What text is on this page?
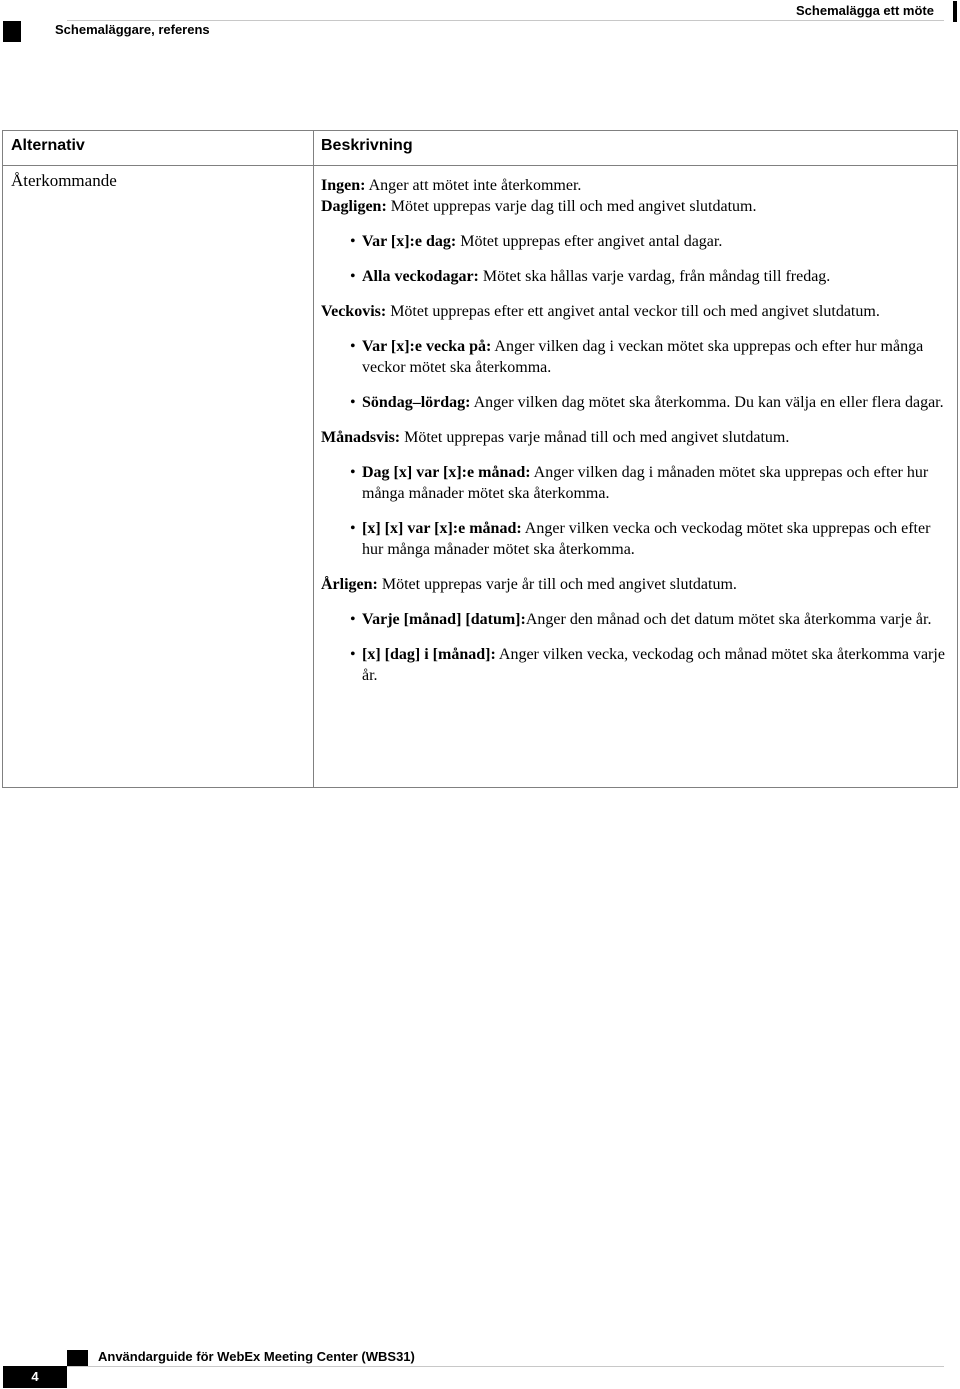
Schemaläggare, referens
Schemalägga ett möte
Alternativ	Beskrivning
Återkommande	Ingen: Anger att mötet inte återkommer.

Dagligen: Mötet upprepas varje dag till och med angivet slutdatum.

• Var [x]:e dag: Mötet upprepas efter angivet antal dagar.

• Alla veckodagar: Mötet ska hållas varje vardag, från måndag till fredag.

Veckovis: Mötet upprepas efter ett angivet antal veckor till och med angivet slutdatum.

• Var [x]:e vecka på: Anger vilken dag i veckan mötet ska upprepas och efter hur många veckor mötet ska återkomma.

• Söndag–lördag: Anger vilken dag mötet ska återkomma. Du kan välja en eller flera dagar.

Månadsvis: Mötet upprepas varje månad till och med angivet slutdatum.

• Dag [x] var [x]:e månad: Anger vilken dag i månaden mötet ska upprepas och efter hur många månader mötet ska återkomma.

• [x] [x] var [x]:e månad: Anger vilken vecka och veckodag mötet ska upprepas och efter hur många månader mötet ska återkomma.

Årligen: Mötet upprepas varje år till och med angivet slutdatum.

• Varje [månad] [datum]:Anger den månad och det datum mötet ska återkomma varje år.

• [x] [dag] i [månad]: Anger vilken vecka, veckodag och månad mötet ska återkomma varje år.

Användarguide för WebEx Meeting Center (WBS31)
4
